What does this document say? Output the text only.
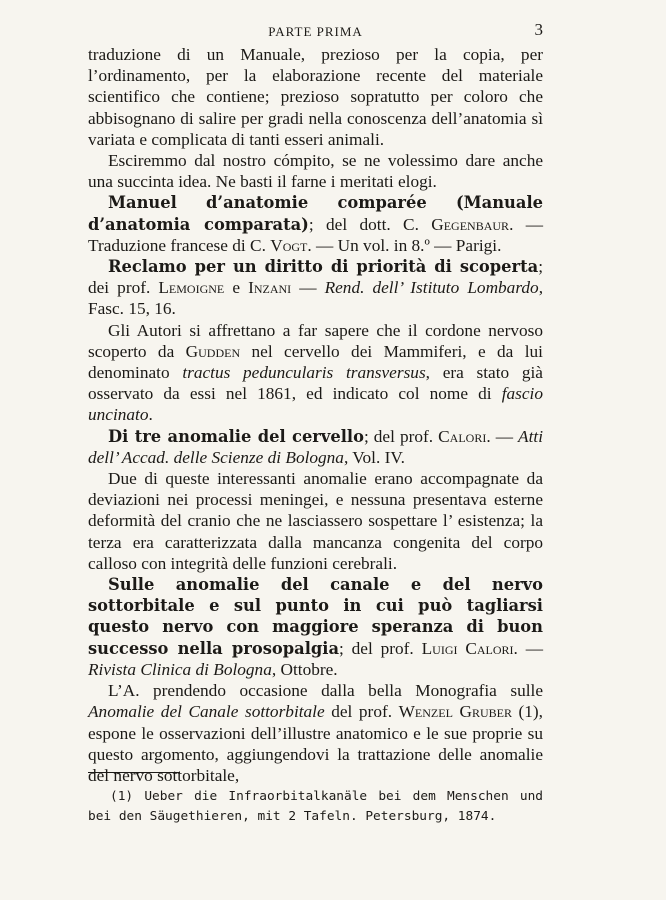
PARTE PRIMA	3

traduzione di un Manuale, prezioso per la copia, per l’ordinamento, per la elaborazione recente del materiale scientifico che contiene; prezioso sopratutto per coloro che abbisognano di salire per gradi nella conoscenza dell’anatomia sì variata e complicata di tanti esseri animali.

Esciremmo dal nostro cómpito, se ne volessimo dare anche una succinta idea. Ne basti il farne i meritati elogi.

Manuel d’anatomie comparée (Manuale d’anatomia comparata); del dott. C. Gegenbaur. — Traduzione francese di C. Vogt. — Un vol. in 8.º — Parigi.

Reclamo per un diritto di priorità di scoperta; dei prof. Lemoigne e Inzani — Rend. dell’ Istituto Lombardo, Fasc. 15, 16.

Gli Autori si affrettano a far sapere che il cordone nervoso scoperto da Gudden nel cervello dei Mammiferi, e da lui denominato tractus peduncularis transversus, era stato già osservato da essi nel 1861, ed indicato col nome di fascio uncinato.

Di tre anomalie del cervello; del prof. Calori. — Atti dell’ Accad. delle Scienze di Bologna, Vol. IV.

Due di queste interessanti anomalie erano accompagnate da deviazioni nei processi meningei, e nessuna presentava esterne deformità del cranio che ne lasciassero sospettare l’ esistenza; la terza era caratterizzata dalla mancanza congenita del corpo calloso con integrità delle funzioni cerebrali.

Sulle anomalie del canale e del nervo sottorbitale e sul punto in cui può tagliarsi questo nervo con maggiore speranza di buon successo nella prosopalgia; del prof. Luigi Calori. — Rivista Clinica di Bologna, Ottobre.

L’A. prendendo occasione dalla bella Monografia sulle Anomalie del Canale sottorbitale del prof. Wenzel Gruber (1), espone le osservazioni dell’illustre anatomico e le sue proprie su questo argomento, aggiungendovi la trattazione delle anomalie del nervo sottorbitale,

(1) Ueber die Infraorbitalkanäle bei dem Menschen und bei den Säugethieren, mit 2 Tafeln. Petersburg, 1874.
